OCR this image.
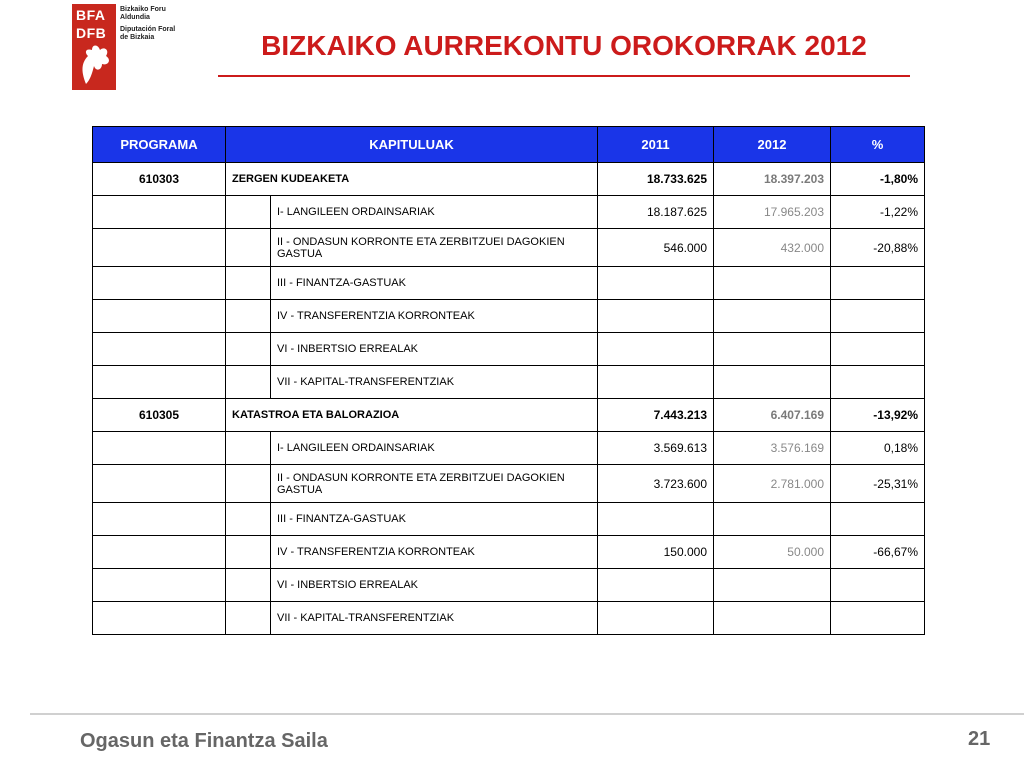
BFA
DFB
Bizkaiko Foru Aldundia
Diputación Foral de Bizkaia	BIZKAIKO AURREKONTU OROKORRAK 2012
PROGRAMA	KAPITULUAK		2011	2012	%
610303	ZERGEN KUDEAKETA		18.733.625	18.397.203	-1,80%
		I- LANGILEEN ORDAINSARIAK	18.187.625	17.965.203	-1,22%
		II - ONDASUN KORRONTE ETA ZERBITZUEI DAGOKIEN GASTUA	546.000	432.000	-20,88%
		III - FINANTZA-GASTUAK			
		IV - TRANSFERENTZIA KORRONTEAK			
		VI - INBERTSIO ERREALAK			
		VII - KAPITAL-TRANSFERENTZIAK			
610305	KATASTROA ETA BALORAZIOA		7.443.213	6.407.169	-13,92%
		I- LANGILEEN ORDAINSARIAK	3.569.613	3.576.169	0,18%
		II - ONDASUN KORRONTE ETA ZERBITZUEI DAGOKIEN GASTUA	3.723.600	2.781.000	-25,31%
		III - FINANTZA-GASTUAK			
		IV - TRANSFERENTZIA KORRONTEAK	150.000	50.000	-66,67%
		VI - INBERTSIO ERREALAK			
		VII - KAPITAL-TRANSFERENTZIAK			
Ogasun eta Finantza Saila	21
